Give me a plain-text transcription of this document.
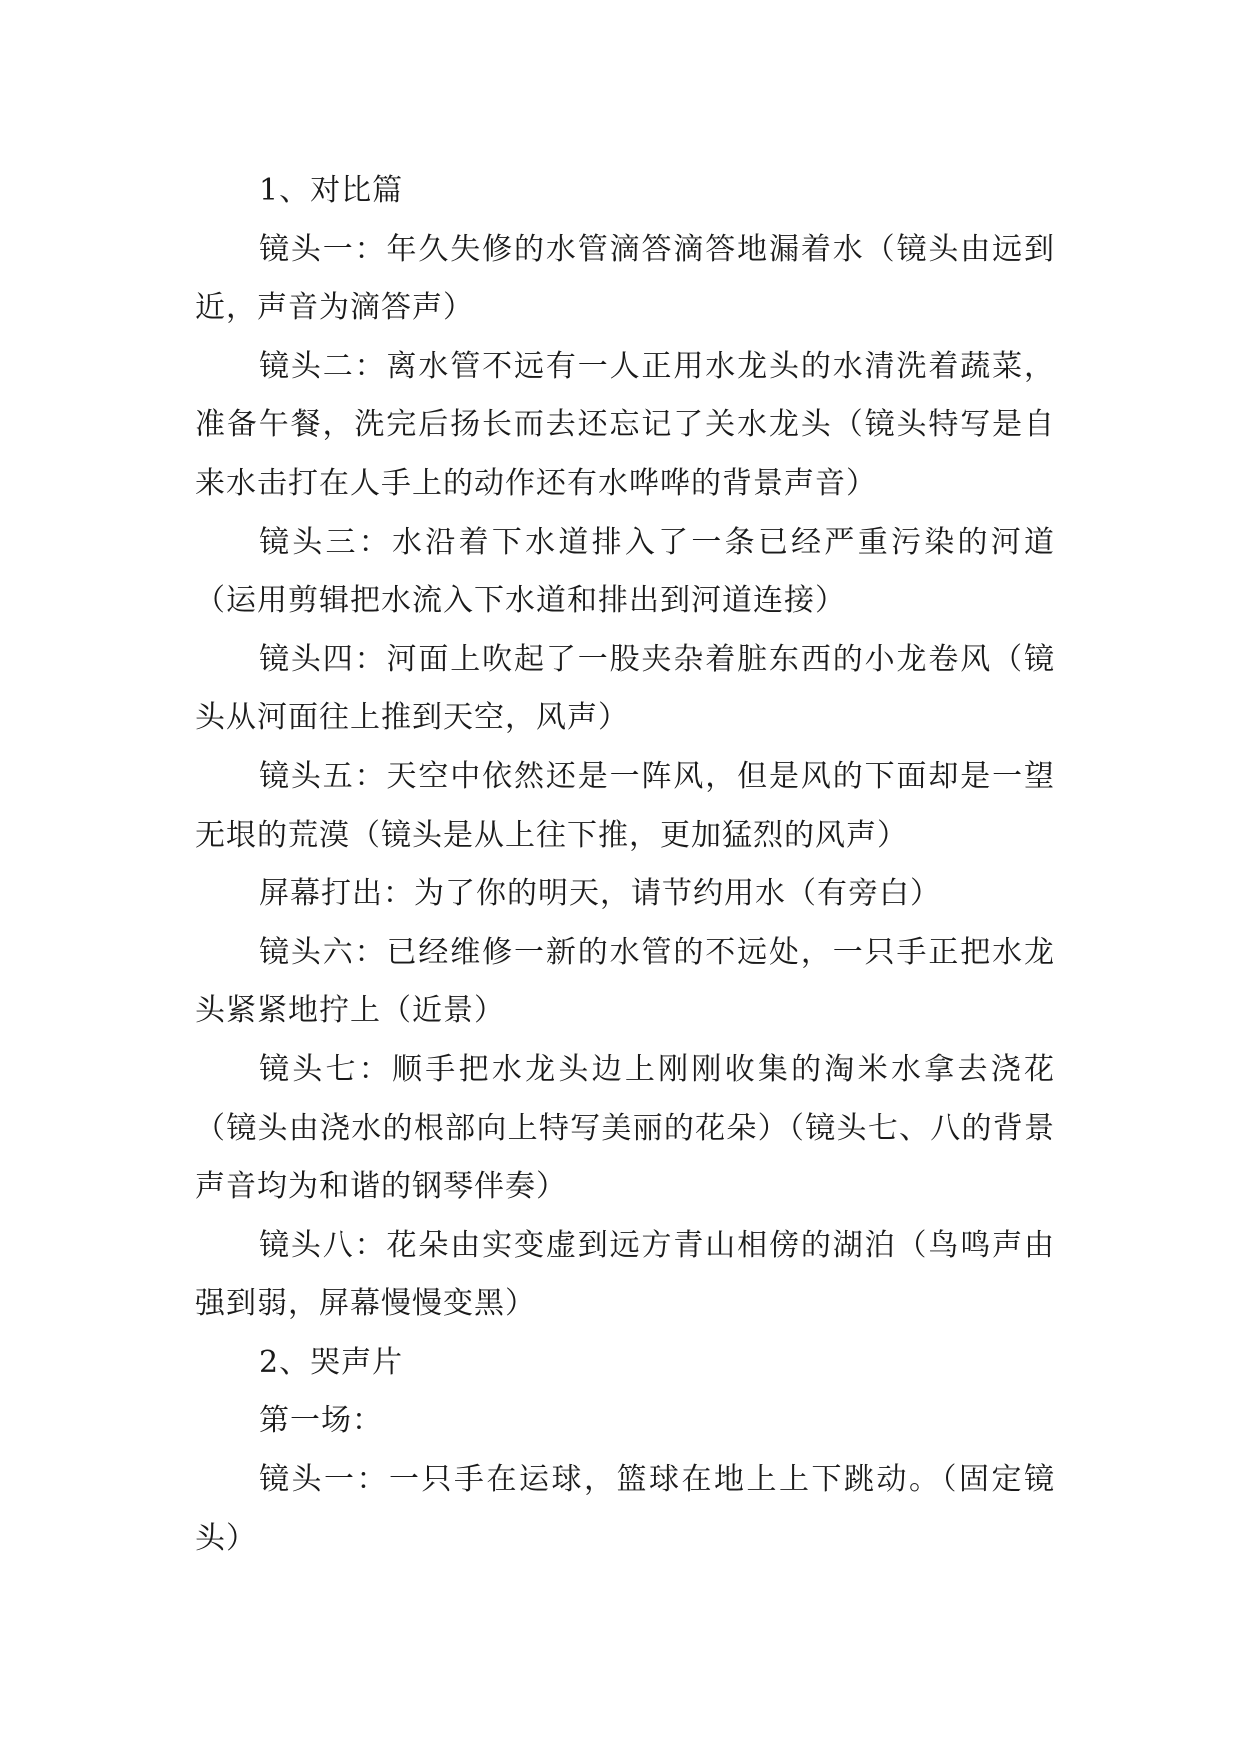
1、对比篇

镜头一：年久失修的水管滴答滴答地漏着水（镜头由远到近，声音为滴答声）

镜头二：离水管不远有一人正用水龙头的水清洗着蔬菜，准备午餐，洗完后扬长而去还忘记了关水龙头（镜头特写是自来水击打在人手上的动作还有水哗哗的背景声音）

镜头三：水沿着下水道排入了一条已经严重污染的河道（运用剪辑把水流入下水道和排出到河道连接）

镜头四：河面上吹起了一股夹杂着脏东西的小龙卷风（镜头从河面往上推到天空，风声）

镜头五：天空中依然还是一阵风，但是风的下面却是一望无垠的荒漠（镜头是从上往下推，更加猛烈的风声）

屏幕打出：为了你的明天，请节约用水（有旁白）

镜头六：已经维修一新的水管的不远处，一只手正把水龙头紧紧地拧上（近景）

镜头七：顺手把水龙头边上刚刚收集的淘米水拿去浇花（镜头由浇水的根部向上特写美丽的花朵）（镜头七、八的背景声音均为和谐的钢琴伴奏）

镜头八：花朵由实变虚到远方青山相傍的湖泊（鸟鸣声由强到弱，屏幕慢慢变黑）

2、哭声片

第一场：

镜头一：一只手在运球，篮球在地上上下跳动。（固定镜头）
